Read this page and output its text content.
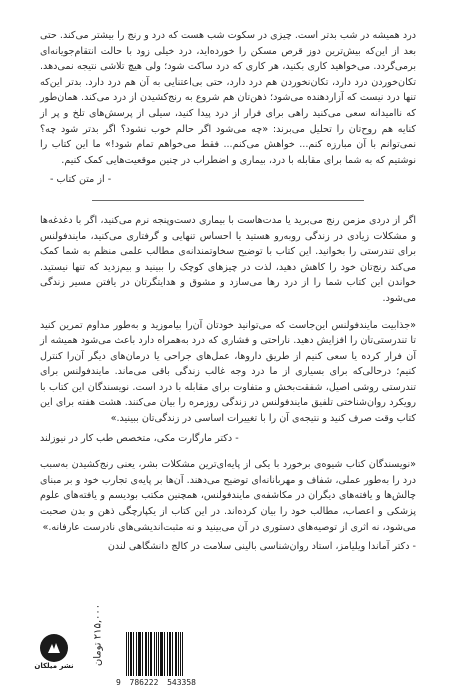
درد همیشه در شب بدتر است. چیزی در سکوت شب هست که درد و رنج را بیشتر می‌کند. حتی بعد از این‌که بیش‌ترین دوز قرص مسکن را خورده‌اید، درد خیلی زود با حالت انتقام‌جویانه‌ای برمی‌گردد. می‌خواهید کاری بکنید، هر کاری که درد ساکت شود؛ ولی هیچ تلاشی نتیجه نمی‌دهد. تکان‌خوردن درد دارد، تکان‌نخوردن هم درد دارد، حتی بی‌اعتنایی به آن هم درد دارد. بدتر این‌که تنها درد نیست که آزاردهنده می‌شود؛ ذهن‌تان هم شروع به رنج‌کشیدن از درد می‌کند. همان‌طور که ناامیدانه سعی می‌کنید راهی برای فرار از درد پیدا کنید، سیلی از پرسش‌های تلخ و پر از کنایه هم روح‌تان را تحلیل می‌برند: «چه می‌شود اگر حالم خوب نشود؟ اگر بدتر شود چه؟ نمی‌توانم با آن مبارزه کنم... خواهش می‌کنم... فقط می‌خواهم تمام شود!» ما این کتاب را نوشتیم که به شما برای مقابله با درد، بیماری و اضطراب در چنین موقعیت‌هایی کمک کنیم.

- از متن کتاب -

اگر از دردی مزمن رنج می‌برید یا مدت‌هاست با بیماری دست‌وپنجه نرم می‌کنید، اگر با دغدغه‌ها و مشکلات زیادی در زندگی روبه‌رو هستید یا احساس تنهایی و گرفتاری می‌کنید، مایندفولنس برای تندرستی را بخوانید. این کتاب با توضیح سخاوتمندانه‌ی مطالب علمی منظم به شما کمک می‌کند رنج‌تان خود را کاهش دهید، لذت در چیزهای کوچک را ببینید و بیم‌زدید که تنها نیستید. خواندن این کتاب شما را از درد رها می‌سازد و مشوق و هدایتگرتان در یافتن مسیر زندگی می‌شود.

«جذابیت مایندفولنس این‌جاست که می‌توانید خودتان آن‌را بیاموزید و به‌طور مداوم تمرین کنید تا تندرستی‌تان را افزایش دهید. ناراحتی و فشاری که درد به‌همراه دارد باعث می‌شود همیشه از آن فرار کرده یا سعی کنیم از طریق داروها، عمل‌های جراحی یا درمان‌های دیگر آن‌را کنترل کنیم؛ درحالی‌که برای بسیاری از ما درد وجه غالب زندگی باقی می‌ماند. مایندفولنس برای تندرستی روشی اصیل، شفقت‌بخش و متفاوت برای مقابله با درد است. نویسندگان این کتاب با رویکرد روان‌شناختی تلفیق مایندفولنس در زندگی روزمره را بیان می‌کنند. هشت هفته برای این کتاب وقت صرف کنید و نتیجه‌ی آن را با تغییرات اساسی در زندگی‌تان ببینید.»

- دکتر مارگارت مکی، متخصص طب کار در نیوزلند

«نویسندگان کتاب شیوه‌ی برخورد با یکی از پایه‌ای‌ترین مشکلات بشر، یعنی رنج‌کشیدن به‌سبب درد را به‌طور عملی، شفاف و مهربانانه‌ای توضیح می‌دهند. آن‌ها بر پایه‌ی تجارب خود و بر مبنای چالش‌ها و یافته‌های دیگران در مکاشفه‌ی مایندفولنس، همچنین مکتب بودیسم و یافته‌های علوم پزشکی و اعصاب، مطالب خود را بیان کرده‌اند. در این کتاب از یکپارچگی ذهن و بدن صحبت می‌شود، نه اثری از توصیه‌های دستوری در آن می‌بینید و نه مثبت‌اندیشی‌های نادرست عارفانه.»

- دکتر آماندا ویلیامز، استاد روان‌شناسی بالینی سلامت در کالج دانشگاهی لندن

نشر میلکان ۲۱۵,۰۰۰ تومان
9 786222 543358
